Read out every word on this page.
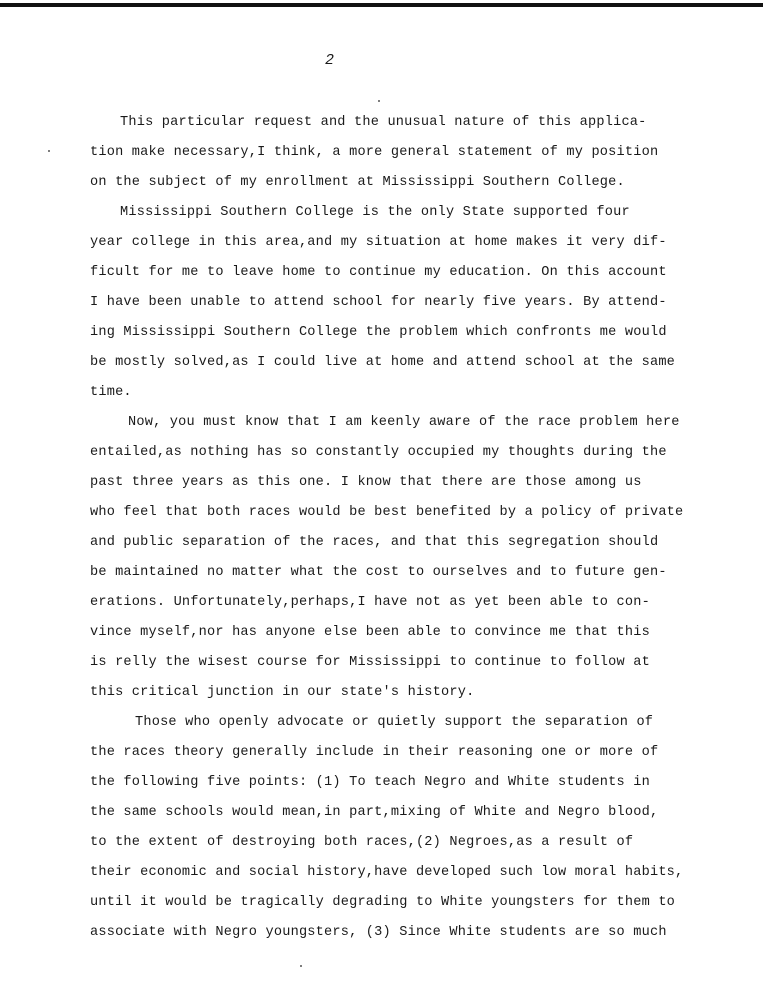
2
This particular request and the unusual nature of this applica-
tion make necessary,I think, a more general statement of my position
on the subject of my enrollment at Mississippi Southern College.
Mississippi Southern College is the only State supported four
year college in this area,and my situation at home makes it very dif-
ficult for me to leave home to continue my education. On this account
I have been unable to attend school for nearly five years. By attend-
ing Mississippi Southern College the problem which confronts me would
be mostly solved,as I could live at home and attend school at the same
time.
Now, you must know that I am keenly aware of the race problem here
entailed,as nothing has so constantly occupied my thoughts during the
past three years as this one. I know that there are those among us
who feel that both races would be best benefited by a policy of private
and public separation of the races, and that this segregation should
be maintained no matter what the cost to ourselves and to future gen-
erations. Unfortunately,perhaps,I have not as yet been able to con-
vince myself,nor has anyone else been able to convince me that this
is relly the wisest course for Mississippi to continue to follow at
this critical junction in our state's history.
Those who openly advocate or quietly support the separation of
the races theory generally include in their reasoning one or more of
the following five points: (1) To teach Negro and White students in
the same schools would mean,in part,mixing of White and Negro blood,
to the extent of destroying both races,(2) Negroes,as a result of
their economic and social history,have developed such low moral habits,
until it would be tragically degrading to White youngsters for them to
associate with Negro youngsters, (3) Since White students are so much
